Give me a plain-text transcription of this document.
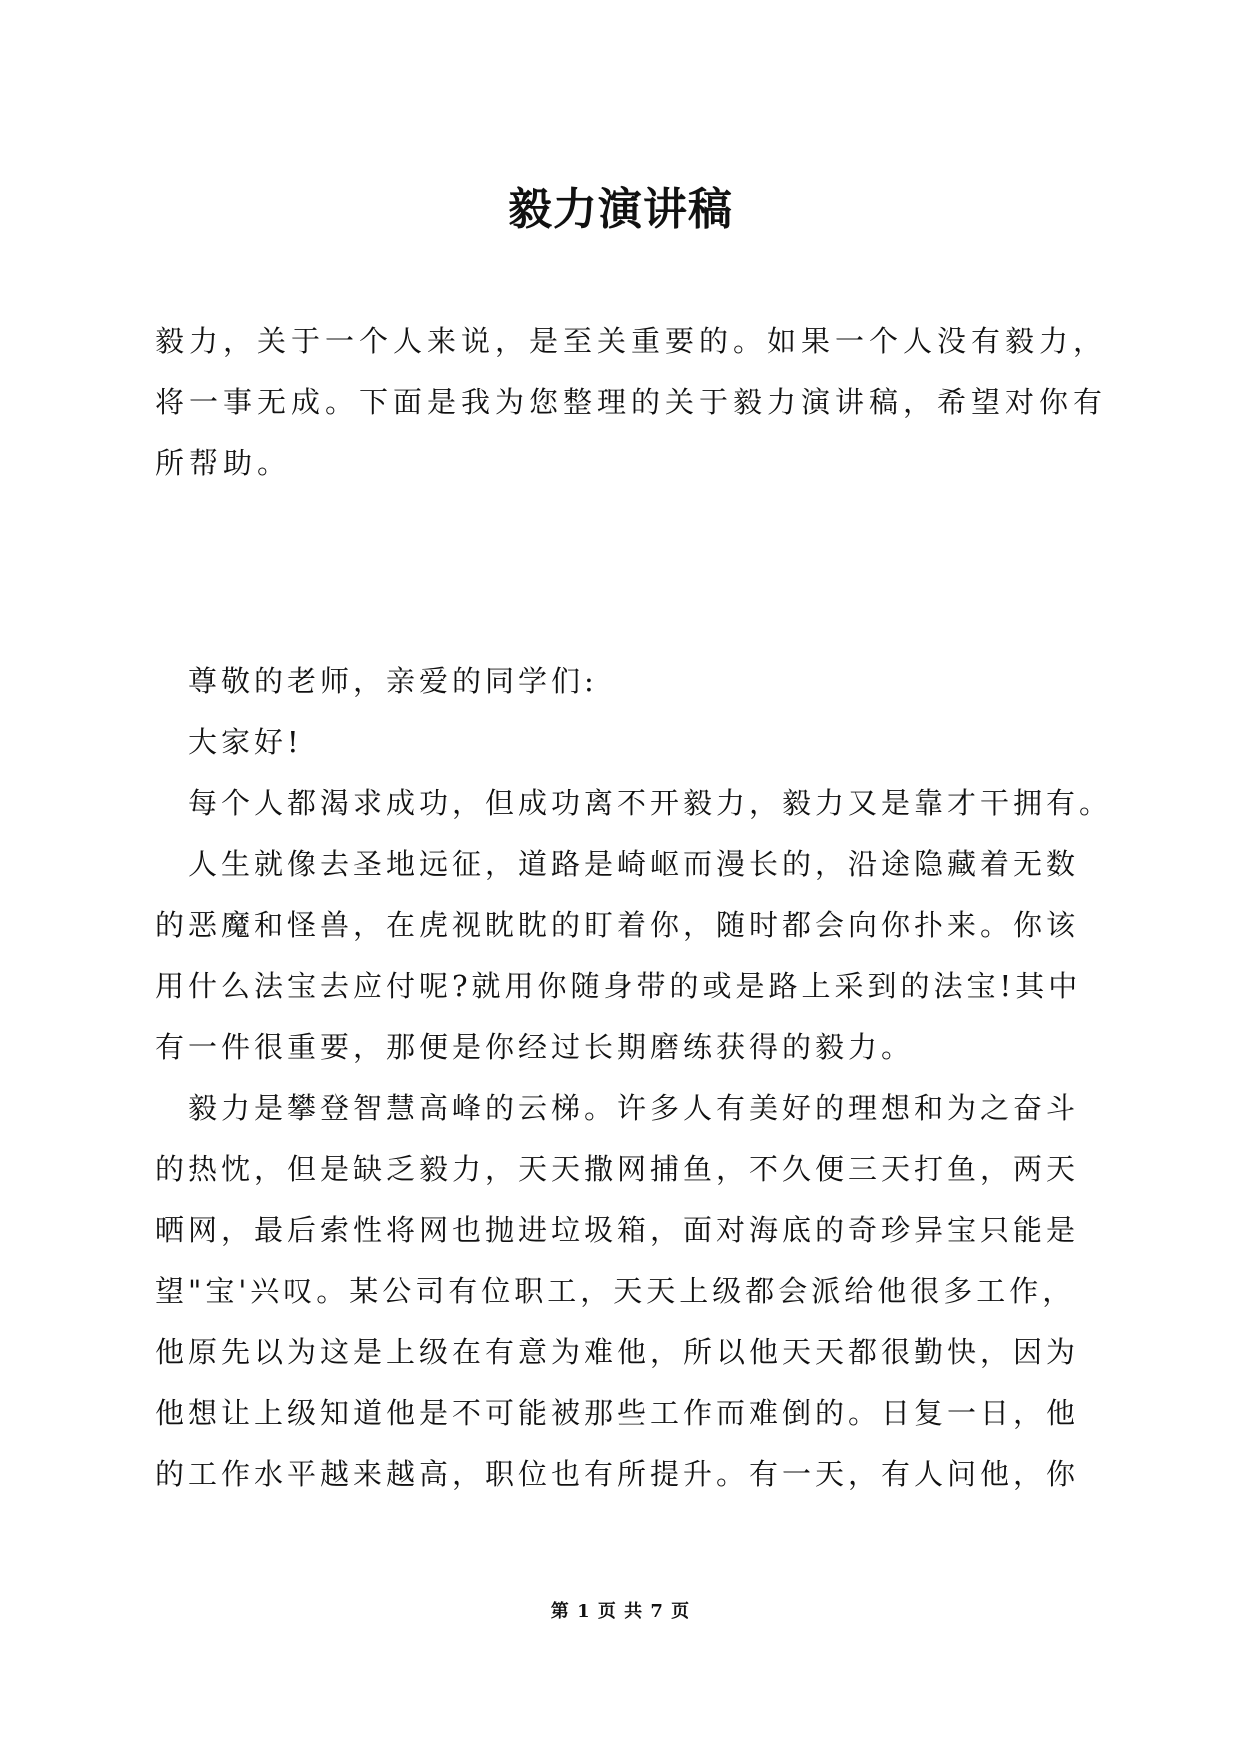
毅力演讲稿
毅力，关于一个人来说，是至关重要的。如果一个人没有毅力，
将一事无成。下面是我为您整理的关于毅力演讲稿，希望对你有
所帮助。
尊敬的老师，亲爱的同学们:
大家好!
每个人都渴求成功，但成功离不开毅力，毅力又是靠才干拥有。
人生就像去圣地远征，道路是崎岖而漫长的，沿途隐藏着无数
的恶魔和怪兽，在虎视眈眈的盯着你，随时都会向你扑来。你该
用什么法宝去应付呢?就用你随身带的或是路上采到的法宝!其中
有一件很重要，那便是你经过长期磨练获得的毅力。
毅力是攀登智慧高峰的云梯。许多人有美好的理想和为之奋斗
的热忱，但是缺乏毅力，天天撒网捕鱼，不久便三天打鱼，两天
晒网，最后索性将网也抛进垃圾箱，面对海底的奇珍异宝只能是
望"宝'兴叹。某公司有位职工，天天上级都会派给他很多工作，
他原先以为这是上级在有意为难他，所以他天天都很勤快，因为
他想让上级知道他是不可能被那些工作而难倒的。日复一日，他
的工作水平越来越高，职位也有所提升。有一天，有人问他，你
第 1 页 共 7 页
